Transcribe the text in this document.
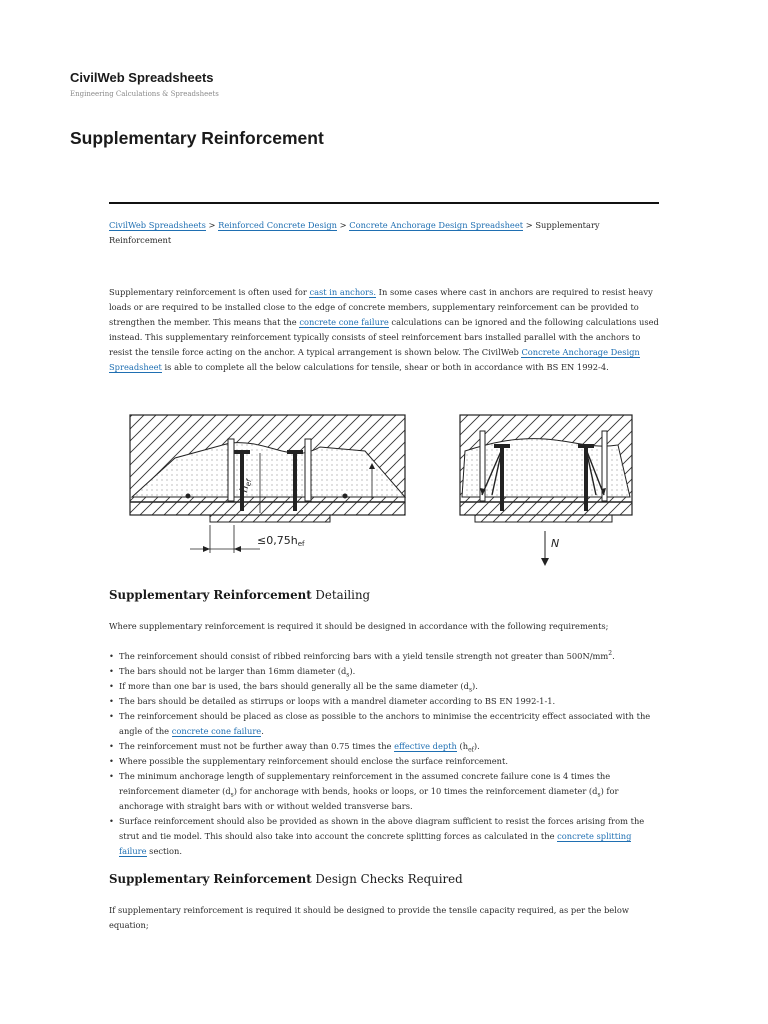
CivilWeb Spreadsheets
Engineering Calculations & Spreadsheets
Supplementary Reinforcement
CivilWeb Spreadsheets > Reinforced Concrete Design > Concrete Anchorage Design Spreadsheet > Supplementary Reinforcement
Supplementary reinforcement is often used for cast in anchors. In some cases where cast in anchors are required to resist heavy loads or are required to be installed close to the edge of concrete members, supplementary reinforcement can be provided to strengthen the member. This means that the concrete cone failure calculations can be ignored and the following calculations used instead. This supplementary reinforcement typically consists of steel reinforcement bars installed parallel with the anchors to resist the tensile force acting on the anchor. A typical arrangement is shown below. The CivilWeb Concrete Anchorage Design Spreadsheet is able to complete all the below calculations for tensile, shear or both in accordance with BS EN 1992-4.
hef
≤0,75hef	N
Supplementary Reinforcement Detailing
Where supplementary reinforcement is required it should be designed in accordance with the following requirements;
• The reinforcement should consist of ribbed reinforcing bars with a yield tensile strength not greater than $500N/mm^2$.
• The bars should not be larger than 16mm diameter $(d_s)$.
• If more than one bar is used, the bars should generally all be the same diameter $(d_s)$.
• The bars should be detailed as stirrups or loops with a mandrel diameter according to BS EN 1992-1-1.
• The reinforcement should be placed as close as possible to the anchors to minimise the eccentricity effect associated with the angle of the concrete cone failure.
• The reinforcement must not be further away than 0.75 times the effective depth $(h_{ef})$.
• Where possible the supplementary reinforcement should enclose the surface reinforcement.
• The minimum anchorage length of supplementary reinforcement in the assumed concrete failure cone is 4 times the reinforcement diameter $(d_s)$ for anchorage with bends, hooks or loops, or 10 times the reinforcement diameter $(d_s)$ for anchorage with straight bars with or without welded transverse bars.
• Surface reinforcement should also be provided as shown in the above diagram sufficient to resist the forces arising from the strut and tie model. This should also take into account the concrete splitting forces as calculated in the concrete splitting failure section.
Supplementary Reinforcement Design Checks Required
If supplementary reinforcement is required it should be designed to provide the tensile capacity required, as per the below equation;
